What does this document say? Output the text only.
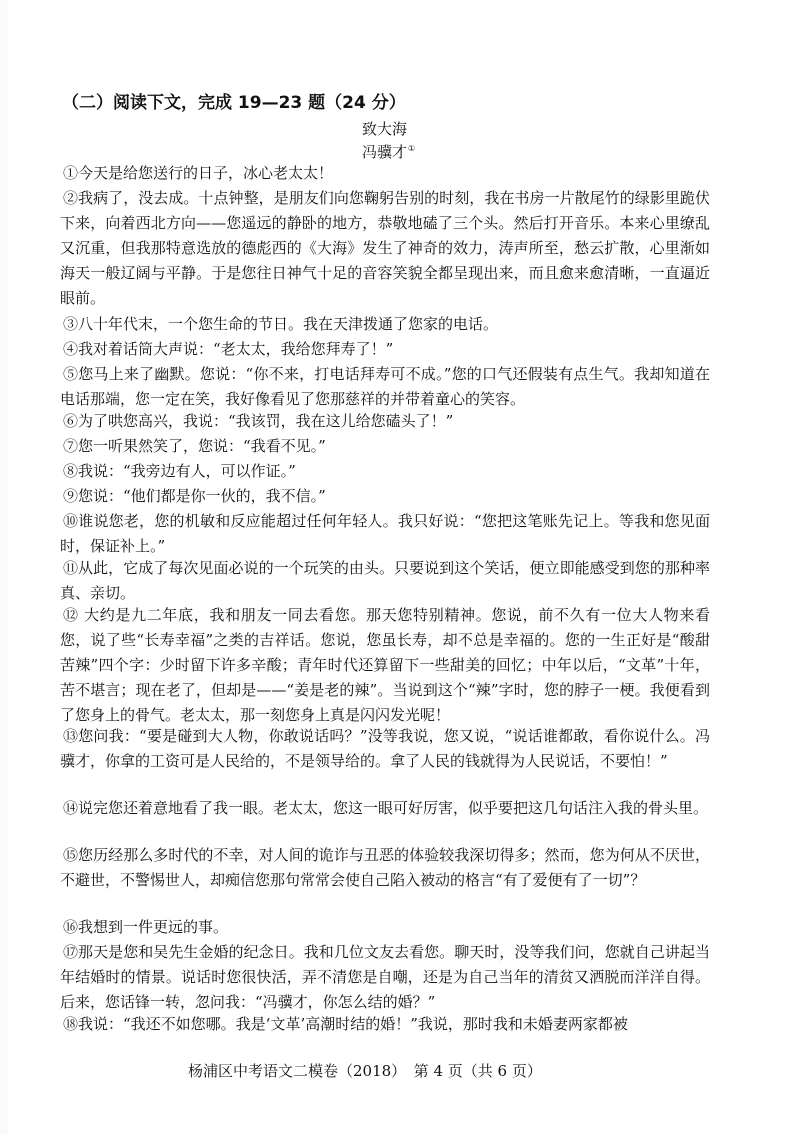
（二）阅读下文，完成 19—23 题（24 分）
致大海
冯骥才①
①今天是给您送行的日子，冰心老太太！
②我病了，没去成。十点钟整，是朋友们向您鞠躬告别的时刻，我在书房一片散尾竹的绿影里跪伏下来，向着西北方向——您遥远的静卧的地方，恭敬地磕了三个头。然后打开音乐。本来心里缭乱又沉重，但我那特意选放的德彪西的《大海》发生了神奇的效力，涛声所至，愁云扩散，心里渐如海天一般辽阔与平静。于是您往日神气十足的音容笑貌全都呈现出来，而且愈来愈清晰，一直逼近眼前。
③八十年代末，一个您生命的节日。我在天津拨通了您家的电话。
④我对着话筒大声说：“老太太，我给您拜寿了！”
⑤您马上来了幽默。您说：“你不来，打电话拜寿可不成。”您的口气还假装有点生气。我却知道在电话那端，您一定在笑，我好像看见了您那慈祥的并带着童心的笑容。
⑥为了哄您高兴，我说：“我该罚，我在这儿给您磕头了！”
⑦您一听果然笑了，您说：“我看不见。”
⑧我说：“我旁边有人，可以作证。”
⑨您说：“他们都是你一伙的，我不信。”
⑩谁说您老，您的机敏和反应能超过任何年轻人。我只好说：“您把这笔账先记上。等我和您见面时，保证补上。”
⑪从此，它成了每次见面必说的一个玩笑的由头。只要说到这个笑话，便立即能感受到您的那种率真、亲切。
⑫ 大约是九二年底，我和朋友一同去看您。那天您特别精神。您说，前不久有一位大人物来看您，说了些“长寿幸福”之类的吉祥话。您说，您虽长寿，却不总是幸福的。您的一生正好是“酸甜苦辣”四个字：少时留下许多辛酸；青年时代还算留下一些甜美的回忆；中年以后，“文革”十年，苦不堪言；现在老了，但却是——“姜是老的辣”。当说到这个“辣”字时，您的脖子一梗。我便看到了您身上的骨气。老太太，那一刻您身上真是闪闪发光呢！
⑬您问我：“要是碰到大人物，你敢说话吗？”没等我说，您又说，“说话谁都敢，看你说什么。冯骥才，你拿的工资可是人民给的，不是领导给的。拿了人民的钱就得为人民说话，不要怕！”
⑭说完您还着意地看了我一眼。老太太，您这一眼可好厉害，似乎要把这几句话注入我的骨头里。
⑮您历经那么多时代的不幸，对人间的诡诈与丑恶的体验较我深切得多；然而，您为何从不厌世，不避世，不警惕世人，却痴信您那句常常会使自己陷入被动的格言“有了爱便有了一切”？
⑯我想到一件更远的事。
⑰那天是您和吴先生金婚的纪念日。我和几位文友去看您。聊天时，没等我们问，您就自己讲起当年结婚时的情景。说话时您很快活，弄不清您是自嘲，还是为自己当年的清贫又洒脱而洋洋自得。后来，您话锋一转，忽问我：“冯骥才，你怎么结的婚？”
⑱我说：“我还不如您哪。我是‘文革’高潮时结的婚！”我说，那时我和未婚妻两家都被
杨浦区中考语文二模卷（2018）　第 4 页（共 6 页）
